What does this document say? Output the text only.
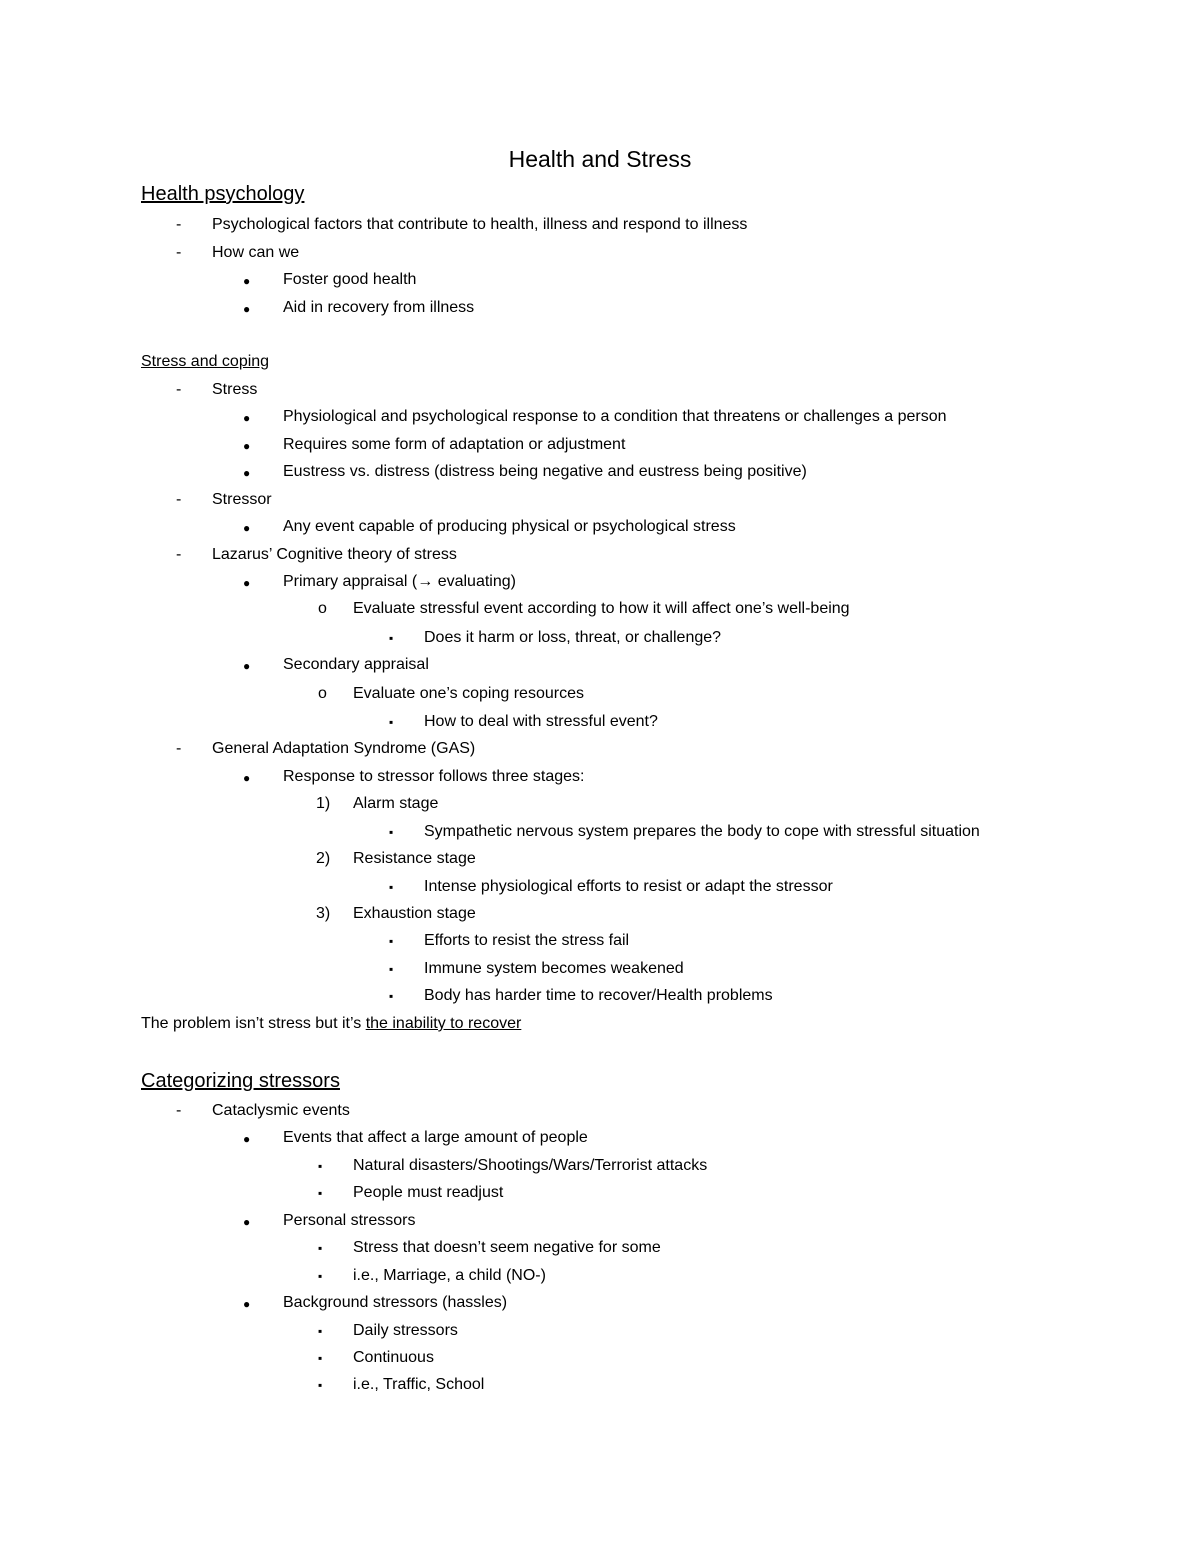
Health and Stress
Health psychology
- Psychological factors that contribute to health, illness and respond to illness
- How can we
● Foster good health
● Aid in recovery from illness
Stress and coping
- Stress
● Physiological and psychological response to a condition that threatens or challenges a person
● Requires some form of adaptation or adjustment
● Eustress vs. distress (distress being negative and eustress being positive)
- Stressor
● Any event capable of producing physical or psychological stress
- Lazarus’ Cognitive theory of stress
● Primary appraisal (→ evaluating)
o Evaluate stressful event according to how it will affect one’s well-being
▪ Does it harm or loss, threat, or challenge?
● Secondary appraisal
o Evaluate one’s coping resources
▪ How to deal with stressful event?
- General Adaptation Syndrome (GAS)
● Response to stressor follows three stages:
1) Alarm stage
▪ Sympathetic nervous system prepares the body to cope with stressful situation
2) Resistance stage
▪ Intense physiological efforts to resist or adapt the stressor
3) Exhaustion stage
▪ Efforts to resist the stress fail
▪ Immune system becomes weakened
▪ Body has harder time to recover/Health problems
The problem isn’t stress but it’s the inability to recover
Categorizing stressors
- Cataclysmic events
● Events that affect a large amount of people
▪ Natural disasters/Shootings/Wars/Terrorist attacks
▪ People must readjust
● Personal stressors
▪ Stress that doesn’t seem negative for some
▪ i.e., Marriage, a child (NO-)
● Background stressors (hassles)
▪ Daily stressors
▪ Continuous
▪ i.e., Traffic, School
